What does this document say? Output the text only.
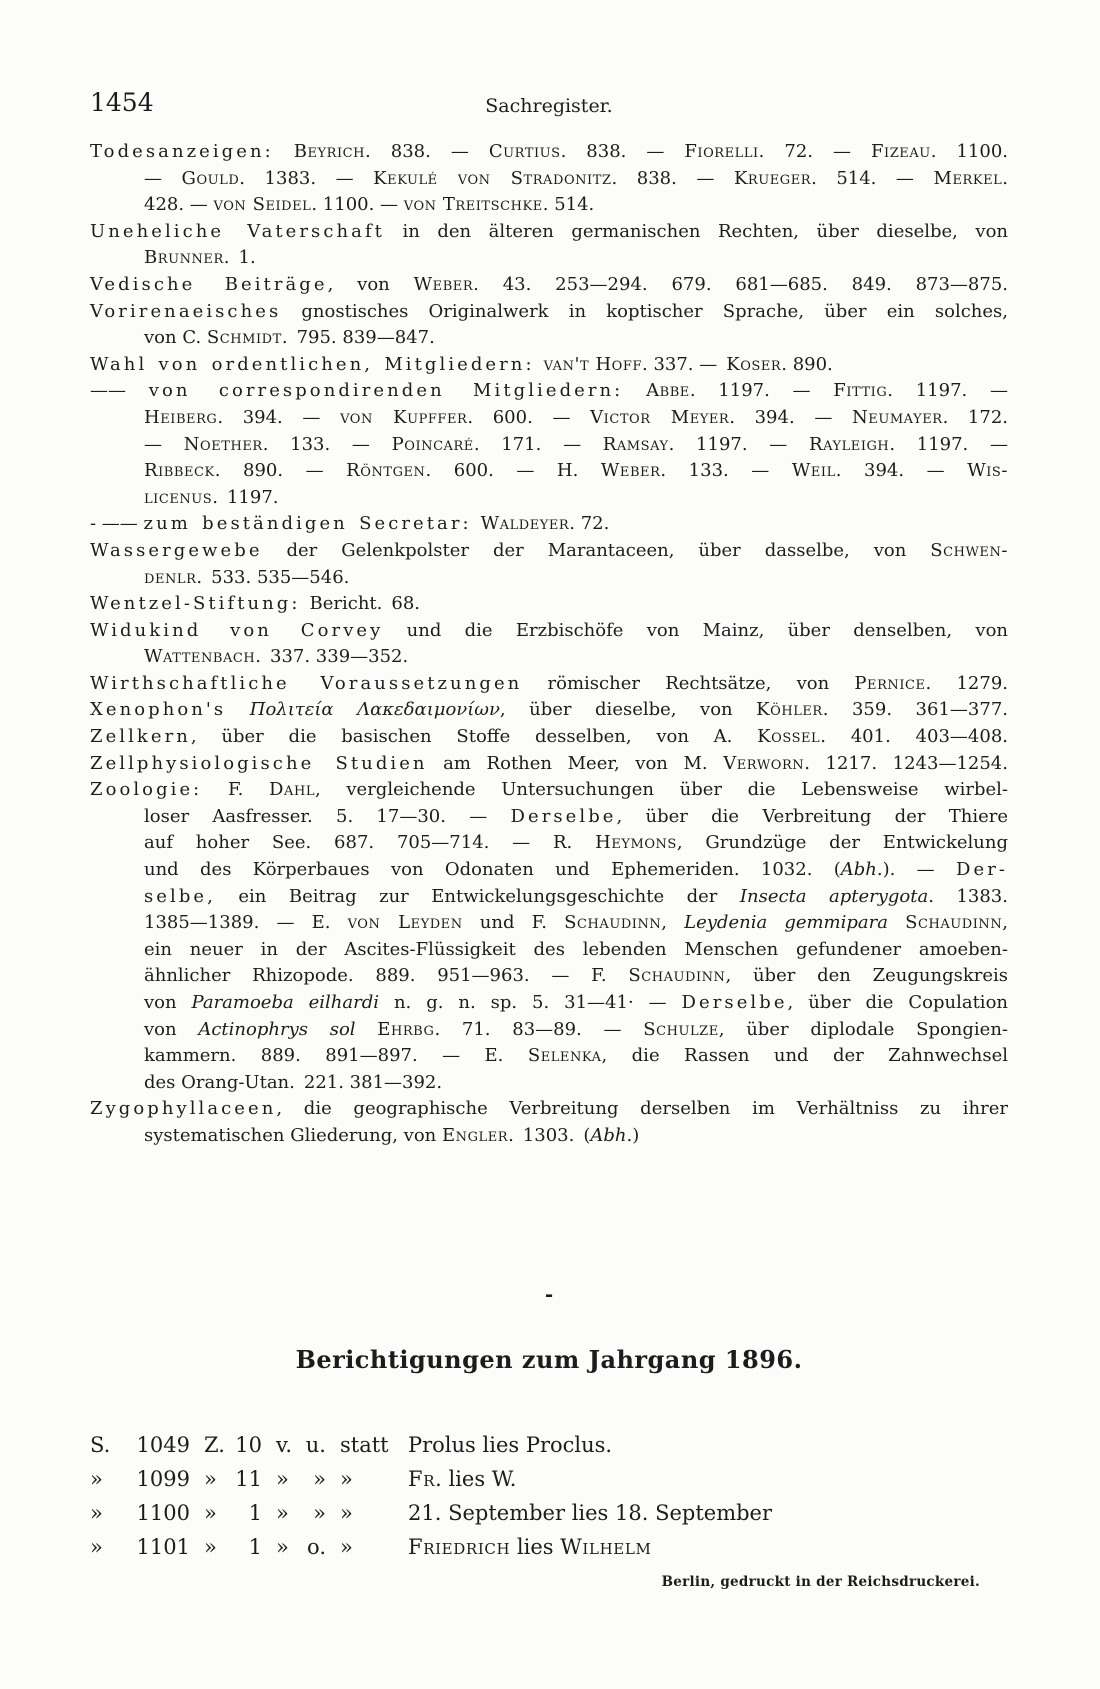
1454	Sachregister.
Todesanzeigen: Beyrich. 838. — Curtius. 838. — Fiorelli. 72. — Fizeau. 1100.
— Gould. 1383. — Kekulé von Stradonitz. 838. — Krueger. 514. — Merkel.
428. — von Seidel. 1100. — von Treitschke. 514.
Uneheliche Vaterschaft in den älteren germanischen Rechten, über dieselbe, von
Brunner. 1.
Vedische Beiträge, von Weber. 43. 253—294. 679. 681—685. 849. 873—875.
Vorirenaeisches gnostisches Originalwerk in koptischer Sprache, über ein solches,
von C. Schmidt. 795. 839—847.
Wahl von ordentlichen, Mitgliedern:  van't Hoff. 337. — Koser. 890.
—— von correspondirenden Mitgliedern: Abbe. 1197. — Fittig. 1197. —
Heiberg. 394. — von Kupffer. 600. — Victor Meyer. 394. — Neumayer. 172.
— Noether. 133. — Poincaré. 171. — Ramsay. 1197. — Rayleigh. 1197. —
Ribbeck. 890. — Röntgen. 600. — H. Weber. 133. — Weil. 394. — Wis-
licenus. 1197.
- —— zum beständigen Secretar:  Waldeyer. 72.
Wassergewebe der Gelenkpolster der Marantaceen, über dasselbe, von Schwen-
denlr. 533. 535—546.
Wentzel-Stiftung: Bericht. 68.
Widukind von Corvey und die Erzbischöfe von Mainz, über denselben, von
Wattenbach. 337. 339—352.
Wirthschaftliche Voraussetzungen römischer Rechtsätze, von Pernice. 1279.
Xenophon's Πολιτεία Λακεδαιμονίων, über dieselbe, von Köhler. 359. 361—377.
Zellkern, über die basischen Stoffe desselben, von A. Kossel. 401. 403—408.
Zellphysiologische Studien am Rothen Meer, von M. Verworn. 1217. 1243—1254.
Zoologie: F. Dahl, vergleichende Untersuchungen über die Lebensweise wirbel-
loser Aasfresser. 5. 17—30. — Derselbe, über die Verbreitung der Thiere
auf hoher See. 687. 705—714. — R. Heymons, Grundzüge der Entwickelung
und des Körperbaues von Odonaten und Ephemeriden. 1032. (Abh.). — Der-
selbe, ein Beitrag zur Entwickelungsgeschichte der Insecta apterygota. 1383.
1385—1389. — E. von Leyden und F. Schaudinn, Leydenia gemmipara Schaudinn,
ein neuer in der Ascites-Flüssigkeit des lebenden Menschen gefundener amoeben-
ähnlicher Rhizopode. 889. 951—963. — F. Schaudinn, über den Zeugungskreis
von Paramoeba eilhardi n. g. n. sp. 5. 31—41· — Derselbe, über die Copulation
von Actinophrys sol Ehrbg. 71. 83—89. — Schulze, über diplodale Spongien-
kammern. 889. 891—897. — E. Selenka, die Rassen und der Zahnwechsel
des Orang-Utan. 221. 381—392.
Zygophyllaceen, die geographische Verbreitung derselben im Verhältniss zu ihrer
systematischen Gliederung, von Engler. 1303. (Abh.)
-
Berichtigungen zum Jahrgang 1896.
S. 1049 Z. 10 v. u. statt Prolus lies Proclus.
» 1099 » 11 » » »	Fr. lies W.
» 1100 » 1 » » »	21. September lies 18. September
» 1101 » 1 » o. »	Friedrich lies Wilhelm
Berlin, gedruckt in der Reichsdruckerei.
